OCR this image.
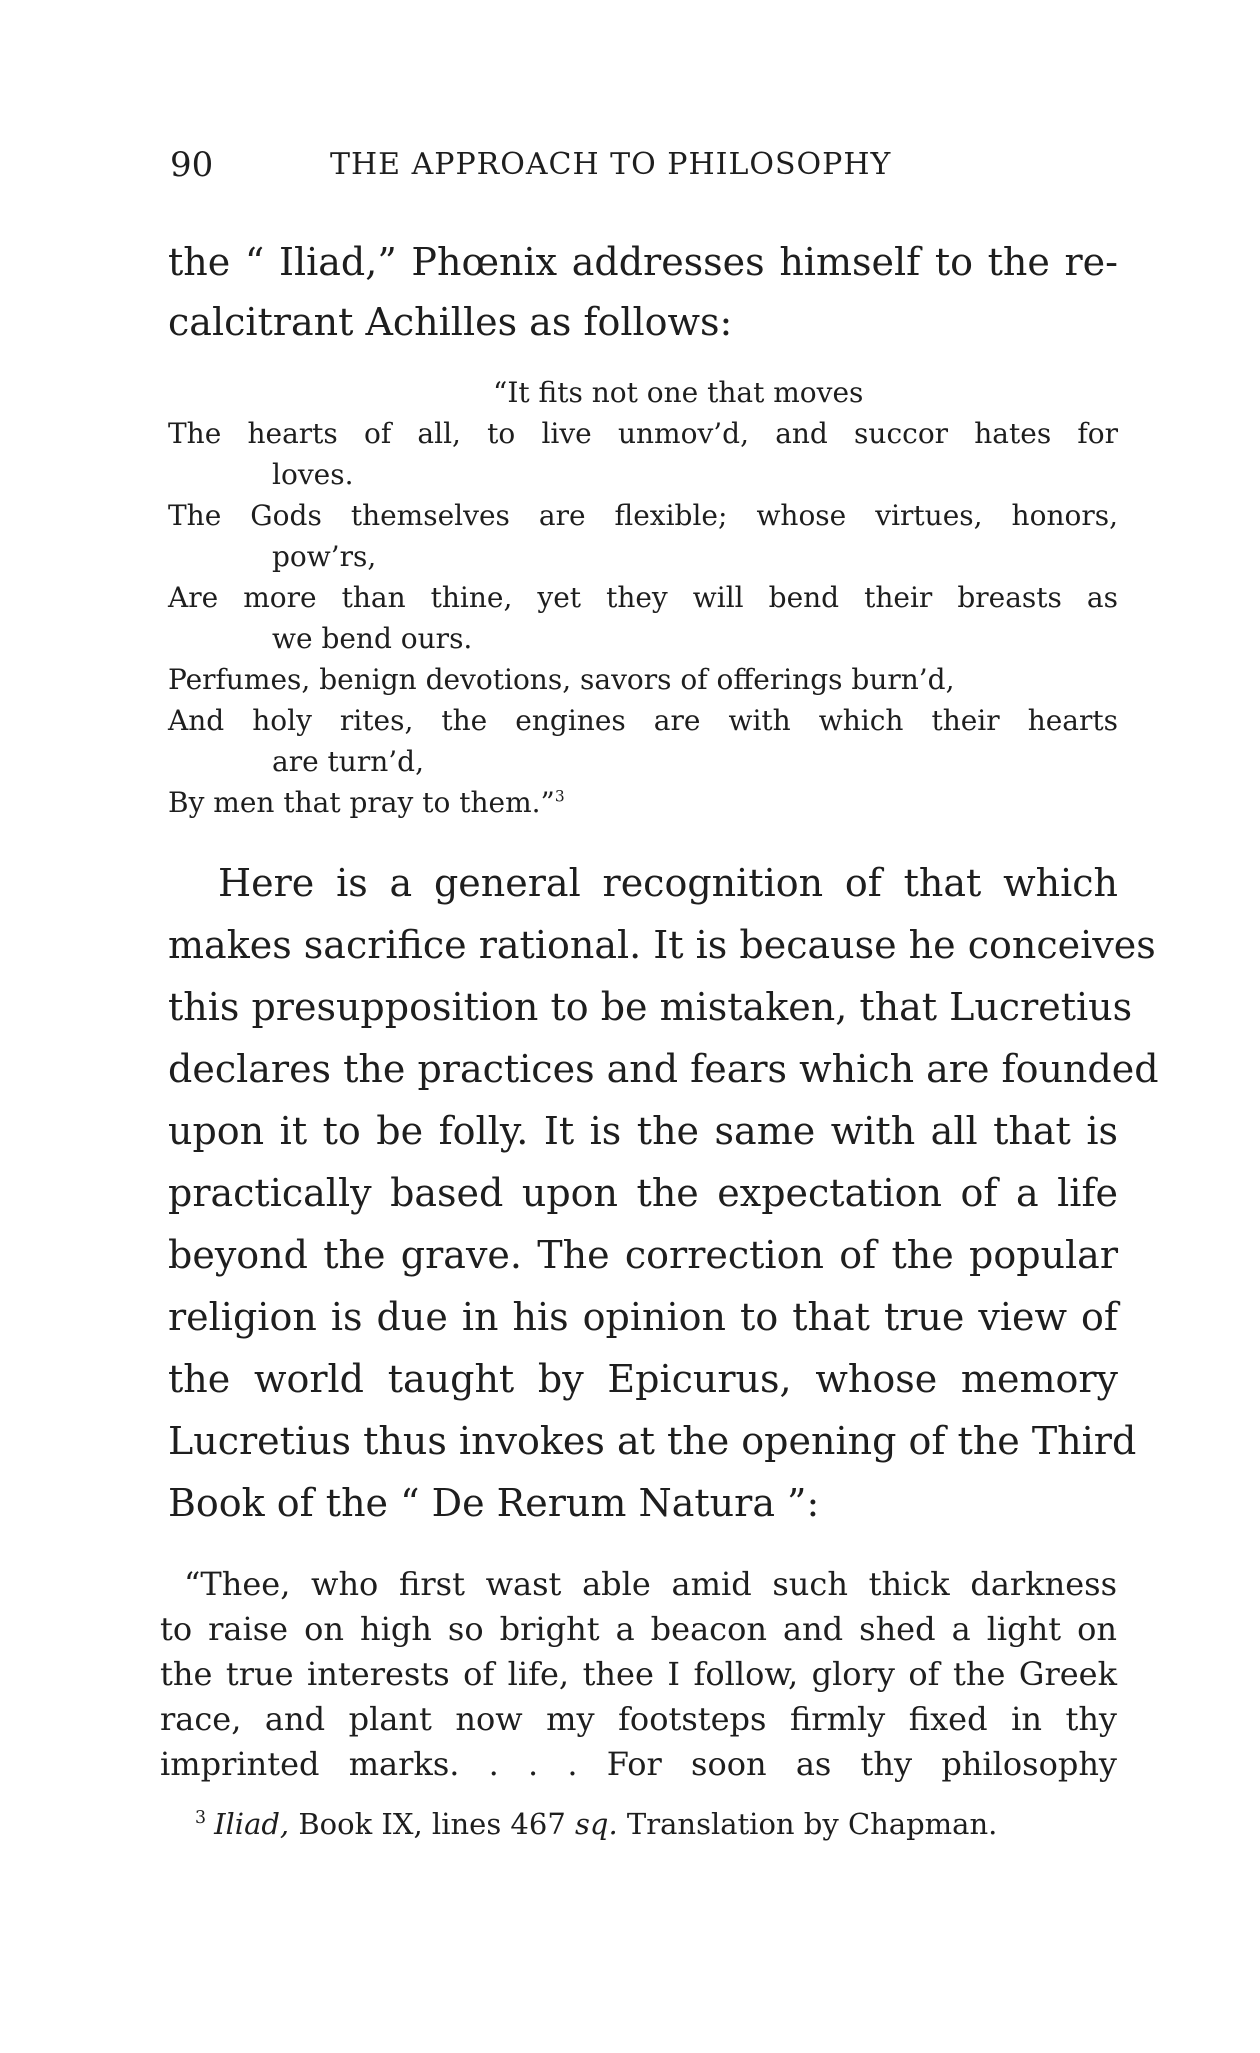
90	THE APPROACH TO PHILOSOPHY
the “ Iliad,” Phœnix addresses himself to the re-
calcitrant Achilles as follows:
“It fits not one that moves
The hearts of all, to live unmov’d, and succor hates for
loves.
The Gods themselves are flexible; whose virtues, honors,
pow’rs,
Are more than thine, yet they will bend their breasts as
we bend ours.
Perfumes, benign devotions, savors of offerings burn’d,
And holy rites, the engines are with which their hearts
are turn’d,
By men that pray to them.”$^3$
Here is a general recognition of that which
makes sacrifice rational. It is because he conceives
this presupposition to be mistaken, that Lucretius
declares the practices and fears which are founded
upon it to be folly. It is the same with all that is
practically based upon the expectation of a life
beyond the grave. The correction of the popular
religion is due in his opinion to that true view of
the world taught by Epicurus, whose memory
Lucretius thus invokes at the opening of the Third
Book of the “ De Rerum Natura ”:
“Thee, who first wast able amid such thick darkness
to raise on high so bright a beacon and shed a light on
the true interests of life, thee I follow, glory of the Greek
race, and plant now my footsteps firmly fixed in thy
imprinted marks. . . . For soon as thy philosophy
$^3$ Iliad, Book IX, lines 467 sq. Translation by Chapman.
